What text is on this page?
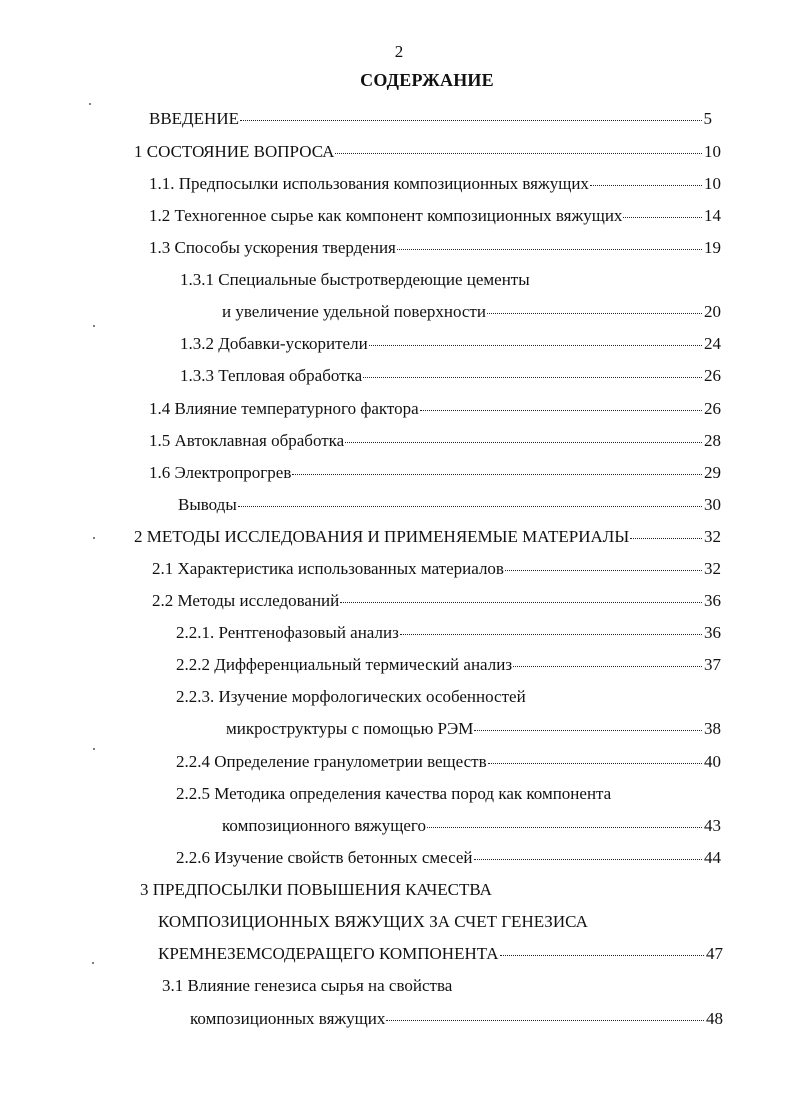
2
СОДЕРЖАНИЕ
ВВЕДЕНИЕ	5
1 СОСТОЯНИЕ ВОПРОСА	10
1.1. Предпосылки использования композиционных вяжущих	10
1.2 Техногенное сырье как компонент композиционных вяжущих	14
1.3 Способы ускорения твердения	19
1.3.1 Специальные быстротвердеющие цементы
и увеличение удельной поверхности	20
1.3.2 Добавки-ускорители	24
1.3.3 Тепловая обработка	26
1.4 Влияние температурного фактора	26
1.5 Автоклавная обработка	28
1.6 Электропрогрев	29
Выводы	30
2 МЕТОДЫ ИССЛЕДОВАНИЯ И ПРИМЕНЯЕМЫЕ МАТЕРИАЛЫ	32
2.1 Характеристика использованных материалов	32
2.2 Методы исследований	36
2.2.1. Рентгенофазовый анализ	36
2.2.2 Дифференциальный термический анализ	37
2.2.3. Изучение морфологических особенностей
микроструктуры с помощью РЭМ	38
2.2.4 Определение гранулометрии веществ	40
2.2.5 Методика определения качества пород как компонента
композиционного вяжущего	43
2.2.6 Изучение свойств бетонных смесей	44
3 ПРЕДПОСЫЛКИ ПОВЫШЕНИЯ КАЧЕСТВА
КОМПОЗИЦИОННЫХ ВЯЖУЩИХ ЗА СЧЕТ ГЕНЕЗИСА
КРЕМНЕЗЕМСОДЕРАЩЕГО КОМПОНЕНТА	47
3.1 Влияние генезиса сырья на свойства
композиционных вяжущих	48
